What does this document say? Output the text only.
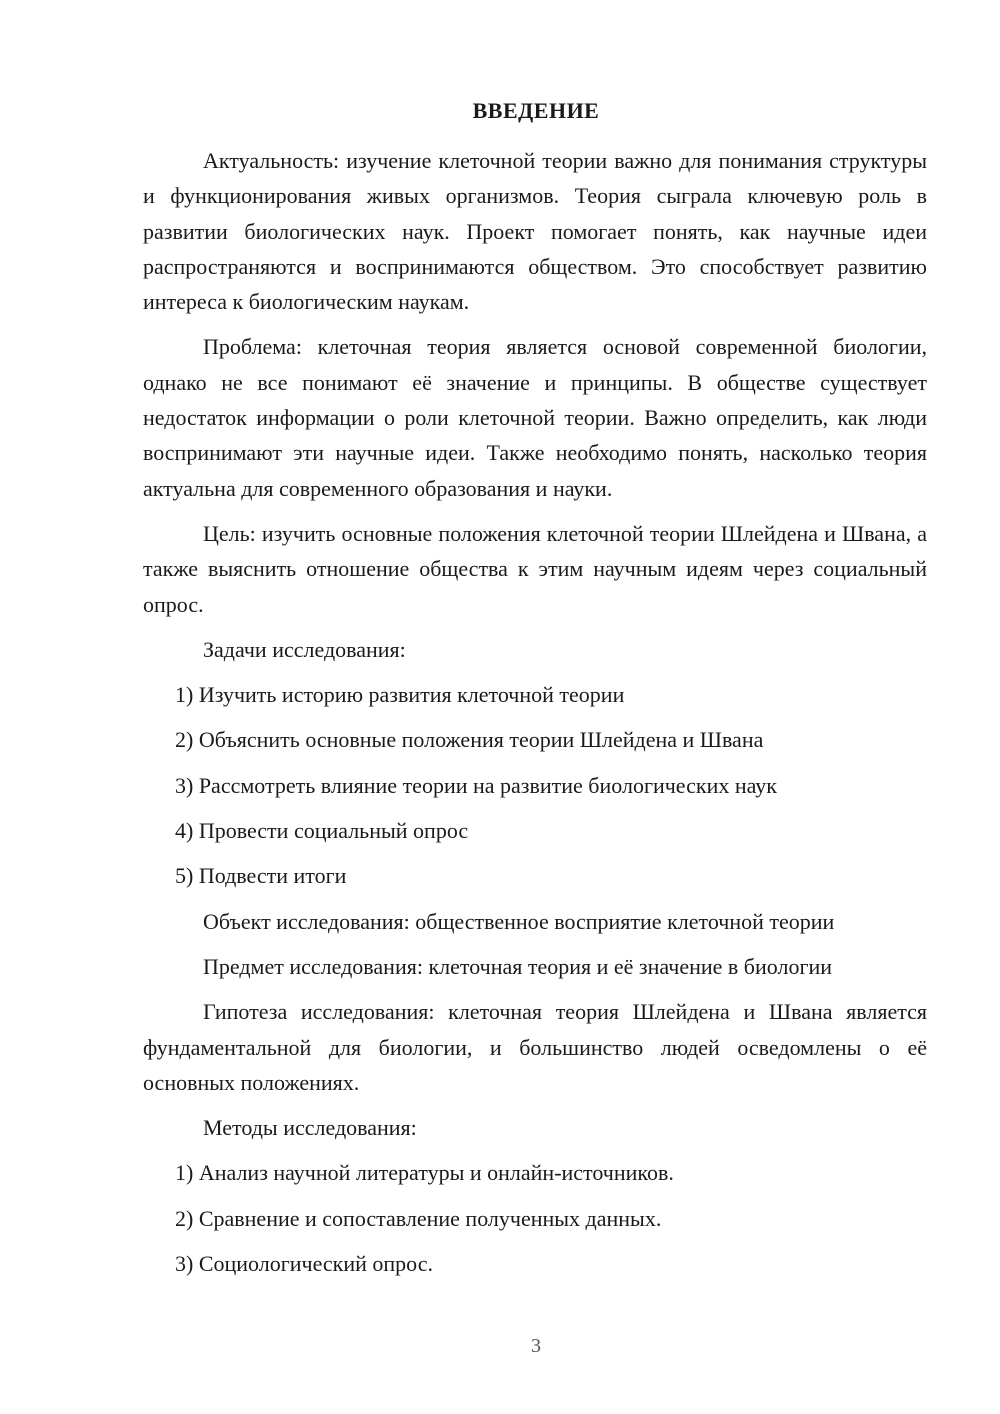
ВВЕДЕНИЕ

Актуальность: изучение клеточной теории важно для понимания структуры и функционирования живых организмов. Теория сыграла ключевую роль в развитии биологических наук. Проект помогает понять, как научные идеи распространяются и воспринимаются обществом. Это способствует развитию интереса к биологическим наукам.

Проблема: клеточная теория является основой современной биологии, однако не все понимают её значение и принципы. В обществе существует недостаток информации о роли клеточной теории. Важно определить, как люди воспринимают эти научные идеи. Также необходимо понять, насколько теория актуальна для современного образования и науки.

Цель: изучить основные положения клеточной теории Шлейдена и Швана, а также выяснить отношение общества к этим научным идеям через социальный опрос.

Задачи исследования:

1) Изучить историю развития клеточной теории

2) Объяснить основные положения теории Шлейдена и Швана

3) Рассмотреть влияние теории на развитие биологических наук

4) Провести социальный опрос

5) Подвести итоги

Объект исследования: общественное восприятие клеточной теории

Предмет исследования: клеточная теория и её значение в биологии

Гипотеза исследования: клеточная теория Шлейдена и Швана является фундаментальной для биологии, и большинство людей осведомлены о её основных положениях.

Методы исследования:

1) Анализ научной литературы и онлайн-источников.

2) Сравнение и сопоставление полученных данных.

3) Социологический опрос.

3
